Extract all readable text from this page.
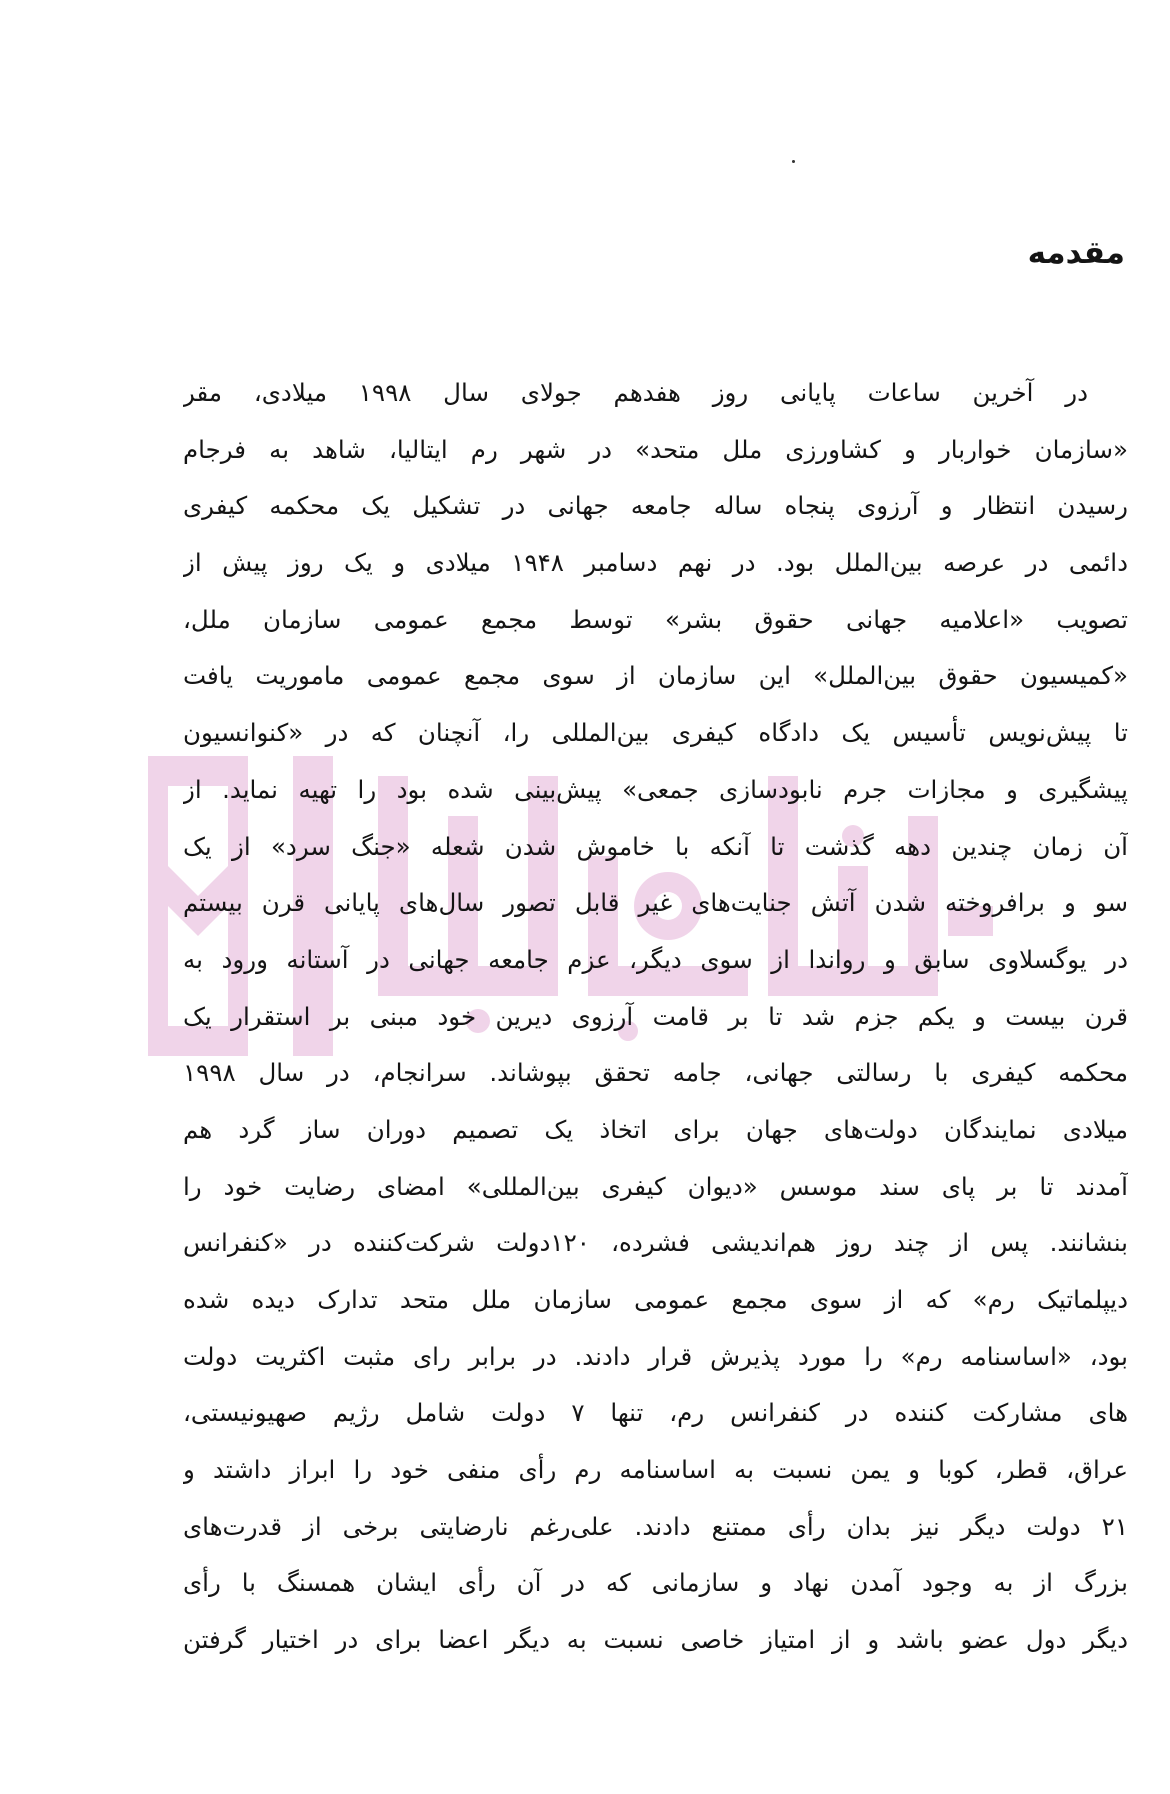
مقدمه
در آخرین ساعات پایانی روز هفدهم جولای سال ۱۹۹۸ میلادی، مقر
«سازمان خواربار و کشاورزی ملل متحد» در شهر رم ایتالیا، شاهد به فرجام
رسیدن انتظار و آرزوی پنجاه ساله جامعه جهانی در تشکیل یک محکمه کیفری
دائمی در عرصه بین‌الملل بود. در نهم دسامبر ۱۹۴۸ میلادی و یک روز پیش از
تصویب «اعلامیه جهانی حقوق بشر» توسط مجمع عمومی سازمان ملل،
«کمیسیون حقوق بین‌الملل» این سازمان از سوی مجمع عمومی ماموریت یافت
تا پیش‌نویس تأسیس یک دادگاه کیفری بین‌المللی را، آنچنان که در «کنوانسیون
پیشگیری و مجازات جرم نابودسازی جمعی» پیش‌بینی شده بود را تهیه نماید. از
آن زمان چندین دهه گذشت تا آنکه با خاموش شدن شعله «جنگ سرد» از یک
سو و برافروخته شدن آتش جنایت‌های غیر قابل تصور سال‌های پایانی قرن بیستم
در یوگسلاوی سابق و رواندا از سوی دیگر، عزم جامعه جهانی در آستانه ورود به
قرن بیست و یکم جزم شد تا بر قامت آرزوی دیرین خود مبنی بر استقرار یک
محکمه کیفری با رسالتی جهانی، جامه تحقق بپوشاند. سرانجام، در سال ۱۹۹۸
میلادی نمایندگان دولت‌های جهان برای اتخاذ یک تصمیم دوران ساز گرد هم
آمدند تا بر پای سند موسس «دیوان کیفری بین‌المللی» امضای رضایت خود را
بنشانند. پس از چند روز هم‌اندیشی فشرده، ۱۲۰دولت شرکت‌کننده در «کنفرانس
دیپلماتیک رم» که از سوی مجمع عمومی سازمان ملل متحد تدارک دیده شده
بود، «اساسنامه رم» را مورد پذیرش قرار دادند. در برابر رای مثبت اکثریت دولت
های مشارکت کننده در کنفرانس رم، تنها ۷ دولت شامل رژیم صهیونیستی،
عراق، قطر، کوبا و یمن نسبت به اساسنامه رم رأی منفی خود را ابراز داشتد و
۲۱ دولت دیگر نیز بدان رأی ممتنع دادند. علی‌رغم نارضایتی برخی از قدرت‌های
بزرگ از به وجود آمدن نهاد و سازمانی که در آن رأی ایشان همسنگ با رأی
دیگر دول عضو باشد و از امتیاز خاصی نسبت به دیگر اعضا برای در اختیار گرفتن
